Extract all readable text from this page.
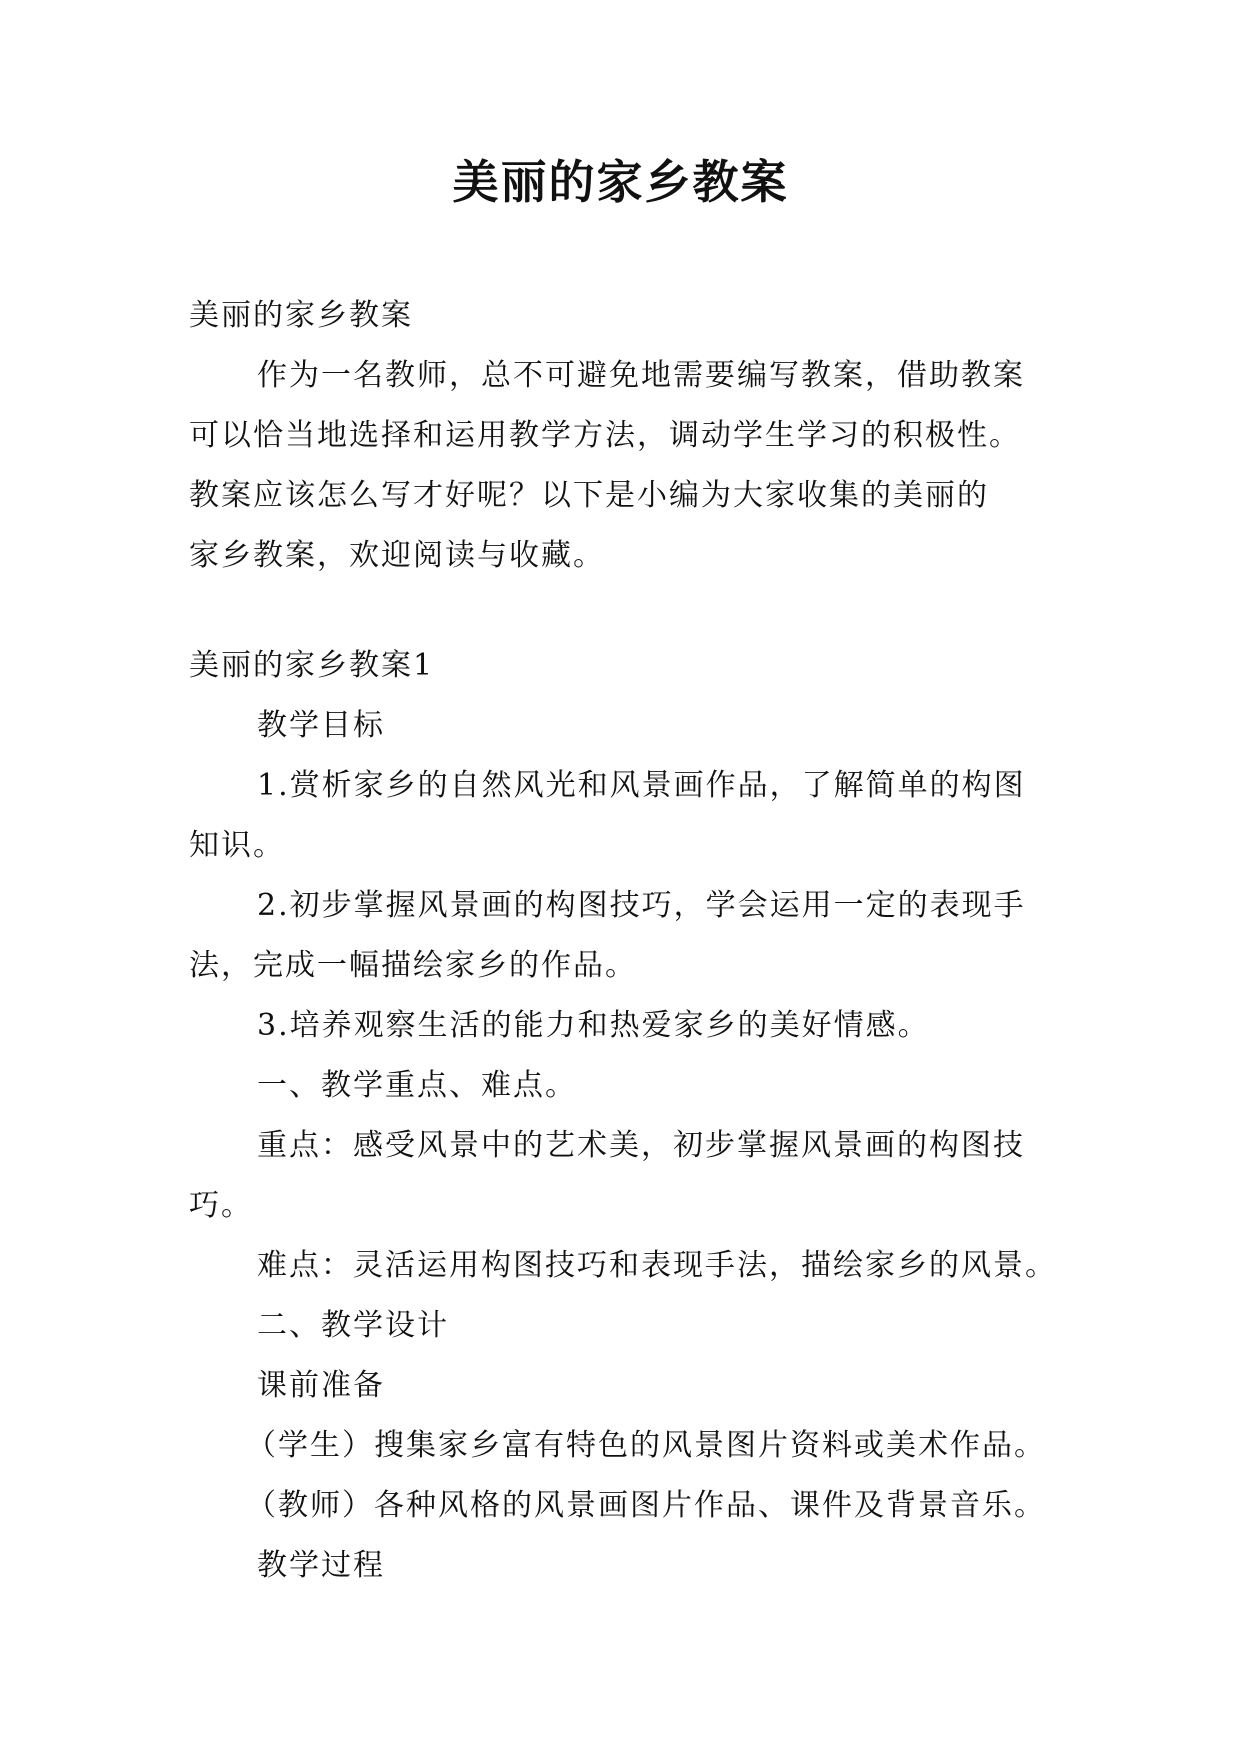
美丽的家乡教案
美丽的家乡教案
作为一名教师，总不可避免地需要编写教案，借助教案
可以恰当地选择和运用教学方法，调动学生学习的积极性。
教案应该怎么写才好呢？以下是小编为大家收集的美丽的
家乡教案，欢迎阅读与收藏。
美丽的家乡教案1
教学目标
1.赏析家乡的自然风光和风景画作品，了解简单的构图
知识。
2.初步掌握风景画的构图技巧，学会运用一定的表现手
法，完成一幅描绘家乡的作品。
3.培养观察生活的能力和热爱家乡的美好情感。
一、教学重点、难点。
重点：感受风景中的艺术美，初步掌握风景画的构图技
巧。
难点：灵活运用构图技巧和表现手法，描绘家乡的风景。
二、教学设计
课前准备
（学生）搜集家乡富有特色的风景图片资料或美术作品。
（教师）各种风格的风景画图片作品、课件及背景音乐。
教学过程
